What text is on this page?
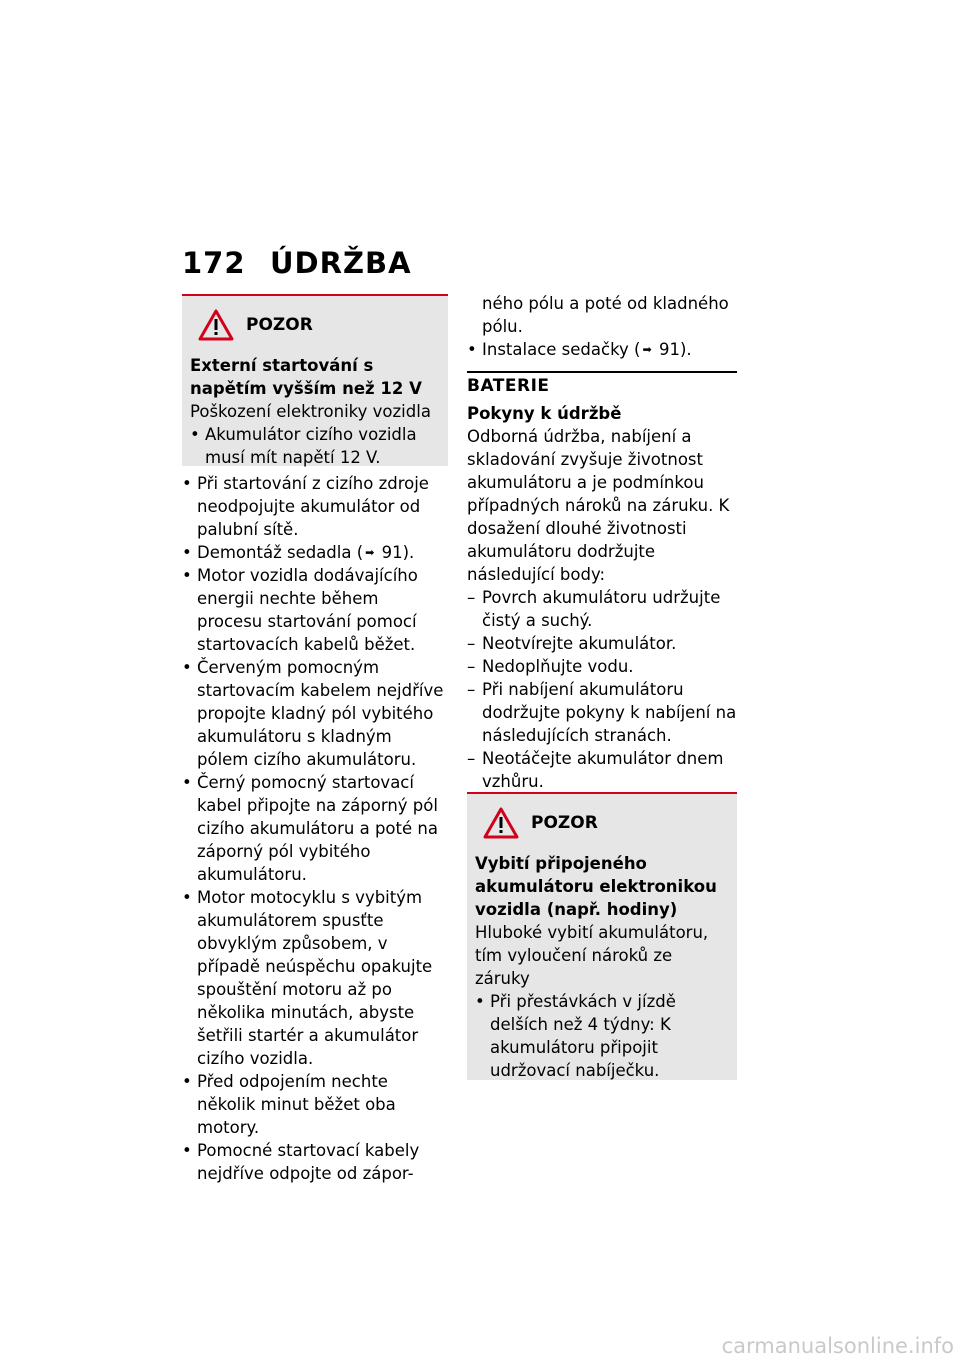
172 ÚDRŽBA
POZOR
Externí startování s napětím vyšším než 12 V
Poškození elektroniky vozidla
• Akumulátor cizího vozidla musí mít napětí 12 V.
• Při startování z cizího zdroje neodpojujte akumulátor od palubní sítě.
• Demontáž sedadla ( ➡ 91).
• Motor vozidla dodávajícího energii nechte během procesu startování pomocí startovacích kabelů běžet.
• Červeným pomocným startovacím kabelem nejdříve propojte kladný pól vybitého akumulátoru s kladným pólem cizího akumulátoru.
• Černý pomocný startovací kabel připojte na záporný pól cizího akumulátoru a poté na záporný pól vybitého akumulátoru.
• Motor motocyklu s vybitým akumulátorem spusťte obvyklým způsobem, v případě neúspěchu opakujte spouštění motoru až po několika minutách, abyste šetřili startér a akumulátor cizího vozidla.
• Před odpojením nechte několik minut běžet oba motory.
• Pomocné startovací kabely nejdříve odpojte od zápor-
ného pólu a poté od kladného pólu.
• Instalace sedačky ( ➡ 91).
BATERIE
Pokyny k údržbě
Odborná údržba, nabíjení a skladování zvyšuje životnost akumulátoru a je podmínkou případných nároků na záruku. K dosažení dlouhé životnosti akumulátoru dodržujte následující body:
– Povrch akumulátoru udržujte čistý a suchý.
– Neotvírejte akumulátor.
– Nedoplňujte vodu.
– Při nabíjení akumulátoru dodržujte pokyny k nabíjení na následujících stranách.
– Neotáčejte akumulátor dnem vzhůru.
POZOR
Vybití připojeného akumulátoru elektronikou vozidla (např. hodiny)
Hluboké vybití akumulátoru, tím vyloučení nároků ze záruky
• Při přestávkách v jízdě delších než 4 týdny: K akumulátoru připojit udržovací nabíječku.
carmanualsonline.info
